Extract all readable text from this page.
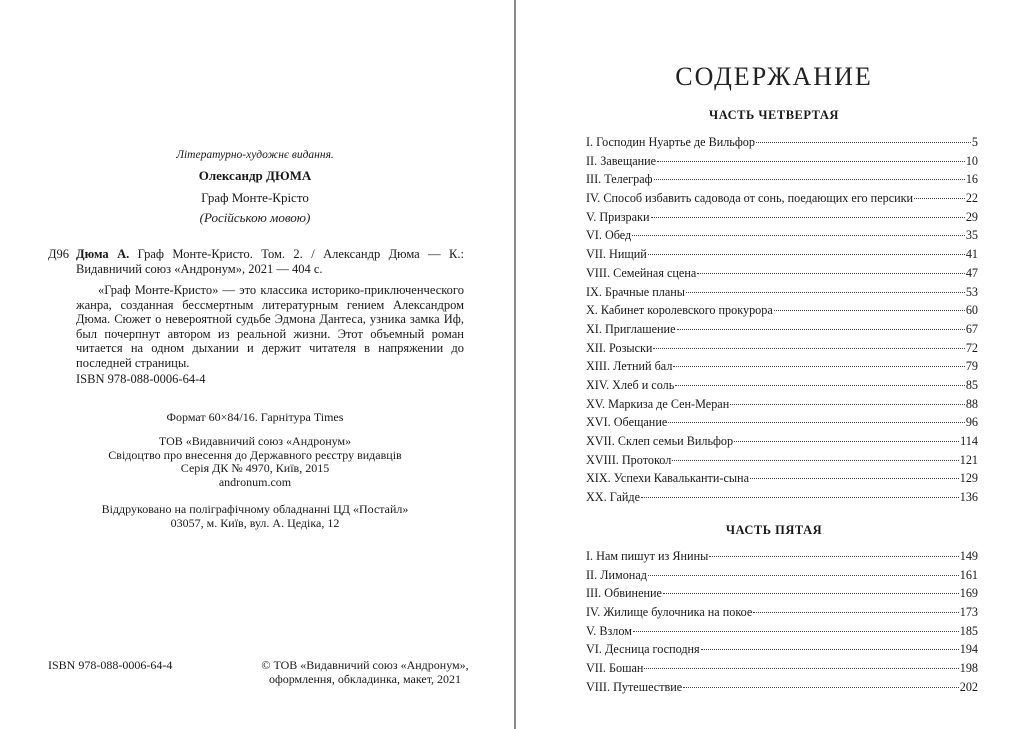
Літературно-художнє видання.
Олександр ДЮМА
Граф Монте-Крісто
(Російською мовою)
Д96 Дюма А. Граф Монте-Кристо. Том. 2. / Александр Дюма — К.: Видавничий союз «Андронум», 2021 — 404 с.
«Граф Монте-Кристо» — это классика историко-приключенческого жанра, созданная бессмертным литературным гением Александром Дюма. Сюжет о невероятной судьбе Эдмона Дантеса, узника замка Иф, был почерпнут автором из реальной жизни. Этот объемный роман читается на одном дыхании и держит читателя в напряжении до последней страницы.
ISBN 978-088-0006-64-4
Формат 60×84/16. Гарнітура Times
ТОВ «Видавничий союз «Андронум»
Свідоцтво про внесення до Державного реєстру видавців
Серія ДК № 4970, Київ, 2015
andronum.com
Віддруковано на поліграфічному обладнанні ЦД «Постайл»
03057, м. Київ, вул. А. Цедіка, 12
ISBN 978-088-0006-64-4	© ТОВ «Видавничий союз «Андронум»,
оформлення, обкладинка, макет, 2021
СОДЕРЖАНИЕ
ЧАСТЬ ЧЕТВЕРТАЯ
I. Господин Нуартье де Вильфор	5
II. Завещание	10
III. Телеграф	16
IV. Способ избавить садовода от сонь, поедающих его персики	22
V. Призраки	29
VI. Обед	35
VII. Нищий	41
VIII. Семейная сцена	47
IX. Брачные планы	53
X. Кабинет королевского прокурора	60
XI. Приглашение	67
XII. Розыски	72
XIII. Летний бал	79
XIV. Хлеб и соль	85
XV. Маркиза де Сен-Меран	88
XVI. Обещание	96
XVII. Склеп семьи Вильфор	114
XVIII. Протокол	121
XIX. Успехи Кавальканти-сына	129
XX. Гайде	136
ЧАСТЬ ПЯТАЯ
I. Нам пишут из Янины	149
II. Лимонад	161
III. Обвинение	169
IV. Жилище булочника на покое	173
V. Взлом	185
VI. Десница господня	194
VII. Бошан	198
VIII. Путешествие	202
